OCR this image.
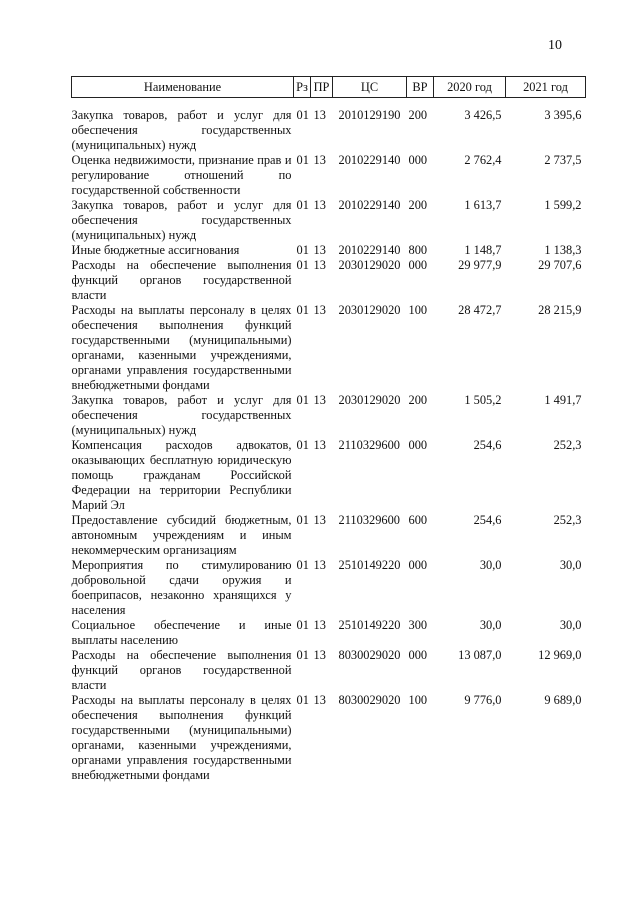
10
Наименование	Рз	ПР	ЦС	ВР	2020 год	2021 год
Закупка товаров, работ и услуг для обеспечения государственных (муниципальных) нужд	01	13	2010129190	200	3 426,5	3 395,6
Оценка недвижимости, признание прав и регулирование отношений по государственной собственности	01	13	2010229140	000	2 762,4	2 737,5
Закупка товаров, работ и услуг для обеспечения государственных (муниципальных) нужд	01	13	2010229140	200	1 613,7	1 599,2
Иные бюджетные ассигнования	01	13	2010229140	800	1 148,7	1 138,3
Расходы на обеспечение выполнения функций органов государственной власти	01	13	2030129020	000	29 977,9	29 707,6
Расходы на выплаты персоналу в целях обеспечения выполнения функций государственными (муниципальными) органами, казенными учреждениями, органами управления государственными внебюджетными фондами	01	13	2030129020	100	28 472,7	28 215,9
Закупка товаров, работ и услуг для обеспечения государственных (муниципальных) нужд	01	13	2030129020	200	1 505,2	1 491,7
Компенсация расходов адвокатов, оказывающих бесплатную юридическую помощь гражданам Российской Федерации на территории Республики Марий Эл	01	13	2110329600	000	254,6	252,3
Предоставление субсидий бюджетным, автономным учреждениям и иным некоммерческим организациям	01	13	2110329600	600	254,6	252,3
Мероприятия по стимулированию добровольной сдачи оружия и боеприпасов, незаконно хранящихся у населения	01	13	2510149220	000	30,0	30,0
Социальное обеспечение и иные выплаты населению	01	13	2510149220	300	30,0	30,0
Расходы на обеспечение выполнения функций органов государственной власти	01	13	8030029020	000	13 087,0	12 969,0
Расходы на выплаты персоналу в целях обеспечения выполнения функций государственными (муниципальными) органами, казенными учреждениями, органами управления государственными внебюджетными фондами	01	13	8030029020	100	9 776,0	9 689,0
